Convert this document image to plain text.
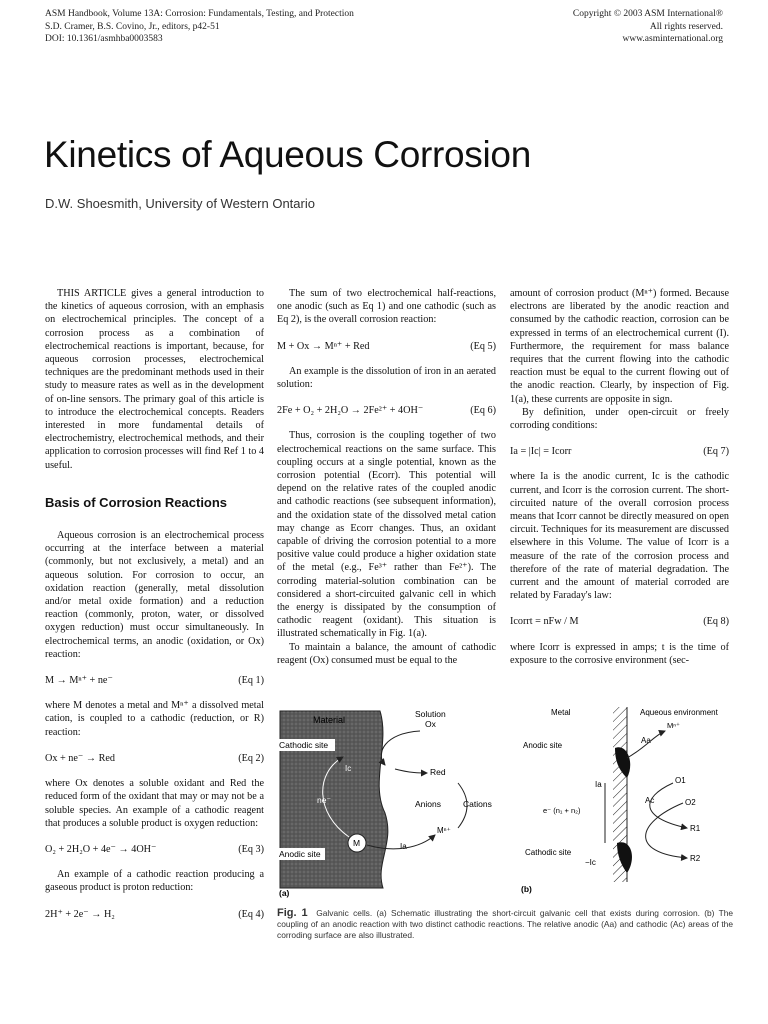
ASM Handbook, Volume 13A: Corrosion: Fundamentals, Testing, and Protection
S.D. Cramer, B.S. Covino, Jr., editors, p42-51
DOI: 10.1361/asmhba0003583
Copyright © 2003 ASM International®
All rights reserved.
www.asminternational.org
Kinetics of Aqueous Corrosion
D.W. Shoesmith, University of Western Ontario

THIS ARTICLE gives a general introduction to the kinetics of aqueous corrosion, with an emphasis on electrochemical principles. The concept of a corrosion process as a combination of electrochemical reactions is important, because, for aqueous corrosion processes, electrochemical techniques are the predominant methods used in their study to measure rates as well as in the development of on-line sensors. The primary goal of this article is to introduce the electrochemical concepts. Readers interested in more fundamental details of electrochemistry, electrochemical methods, and their application to corrosion processes will find Ref 1 to 4 useful.

Basis of Corrosion Reactions

Aqueous corrosion is an electrochemical process occurring at the interface between a material (commonly, but not exclusively, a metal) and an aqueous solution. For corrosion to occur, an oxidation reaction (generally, metal dissolution and/or metal oxide formation) and a reduction reaction (commonly, proton, water, or dissolved oxygen reduction) must occur simultaneously. In electrochemical terms, an anodic (oxidation, or Ox) reaction:

M → Mⁿ⁺ + ne⁻	(Eq 1)

where M denotes a metal and Mⁿ⁺ a dissolved metal cation, is coupled to a cathodic (reduction, or R) reaction:

Ox + ne⁻ → Red	(Eq 2)

where Ox denotes a soluble oxidant and Red the reduced form of the oxidant that may or may not be a soluble species. An example of a cathodic reagent that produces a soluble product is oxygen reduction:

O₂ + 2H₂O + 4e⁻ → 4OH⁻	(Eq 3)

An example of a cathodic reaction producing a gaseous product is proton reduction:

2H⁺ + 2e⁻ → H₂	(Eq 4)

The sum of two electrochemical half-reactions, one anodic (such as Eq 1) and one cathodic (such as Eq 2), is the overall corrosion reaction:

M + Ox → Mⁿ⁺ + Red	(Eq 5)

An example is the dissolution of iron in an aerated solution:

2Fe + O₂ + 2H₂O → 2Fe²⁺ + 4OH⁻	(Eq 6)

Thus, corrosion is the coupling together of two electrochemical reactions on the same surface. This coupling occurs at a single potential, known as the corrosion potential (Ecorr). This potential will depend on the relative rates of the coupled anodic and cathodic reactions (see subsequent information), and the oxidation state of the dissolved metal cation may change as Ecorr changes. Thus, an oxidant capable of driving the corrosion potential to a more positive value could produce a higher oxidation state of the metal (e.g., Fe³⁺ rather than Fe²⁺). The corroding material-solution combination can be considered a short-circuited galvanic cell in which the energy is dissipated by the consumption of cathodic reagent (oxidant). This situation is illustrated schematically in Fig. 1(a).

To maintain a balance, the amount of cathodic reagent (Ox) consumed must be equal to the

amount of corrosion product (Mⁿ⁺) formed. Because electrons are liberated by the anodic reaction and consumed by the cathodic reaction, corrosion can be expressed in terms of an electrochemical current (I). Furthermore, the requirement for mass balance requires that the current flowing into the cathodic reaction must be equal to the current flowing out of the anodic reaction. Clearly, by inspection of Fig. 1(a), these currents are opposite in sign.

By definition, under open-circuit or freely corroding conditions:

Ia = |Ic| = Icorr	(Eq 7)

where Ia is the anodic current, Ic is the cathodic current, and Icorr is the corrosion current. The short-circuited nature of the overall corrosion process means that Icorr cannot be directly measured on open circuit. Techniques for its measurement are discussed elsewhere in this Volume. The value of Icorr is a measure of the rate of the corrosion process and therefore of the rate of material degradation. The current and the amount of material corroded are related by Faraday's law:

Icorrt = nFw / M	(Eq 8)

where Icorr is expressed in amps; t is the time of exposure to the corrosive environment (sec-

Material
Solution
Ox
Cathodic site
Anodic site
Ic
ne⁻
Red
Anions	Cations
M
Mⁿ⁺
Ia
(a)
Metal	Aqueous environment
Anodic site
Ia
Aa
Mⁿ⁺
e⁻ (n₁ + n₂)
Ac
O1
O2
R1
R2
Cathodic site
−Ic
(b)
Fig. 1 Galvanic cells. (a) Schematic illustrating the short-circuit galvanic cell that exists during corrosion. (b) The coupling of an anodic reaction with two distinct cathodic reactions. The relative anodic (Aa) and cathodic (Ac) areas of the corroding surface are also illustrated.
